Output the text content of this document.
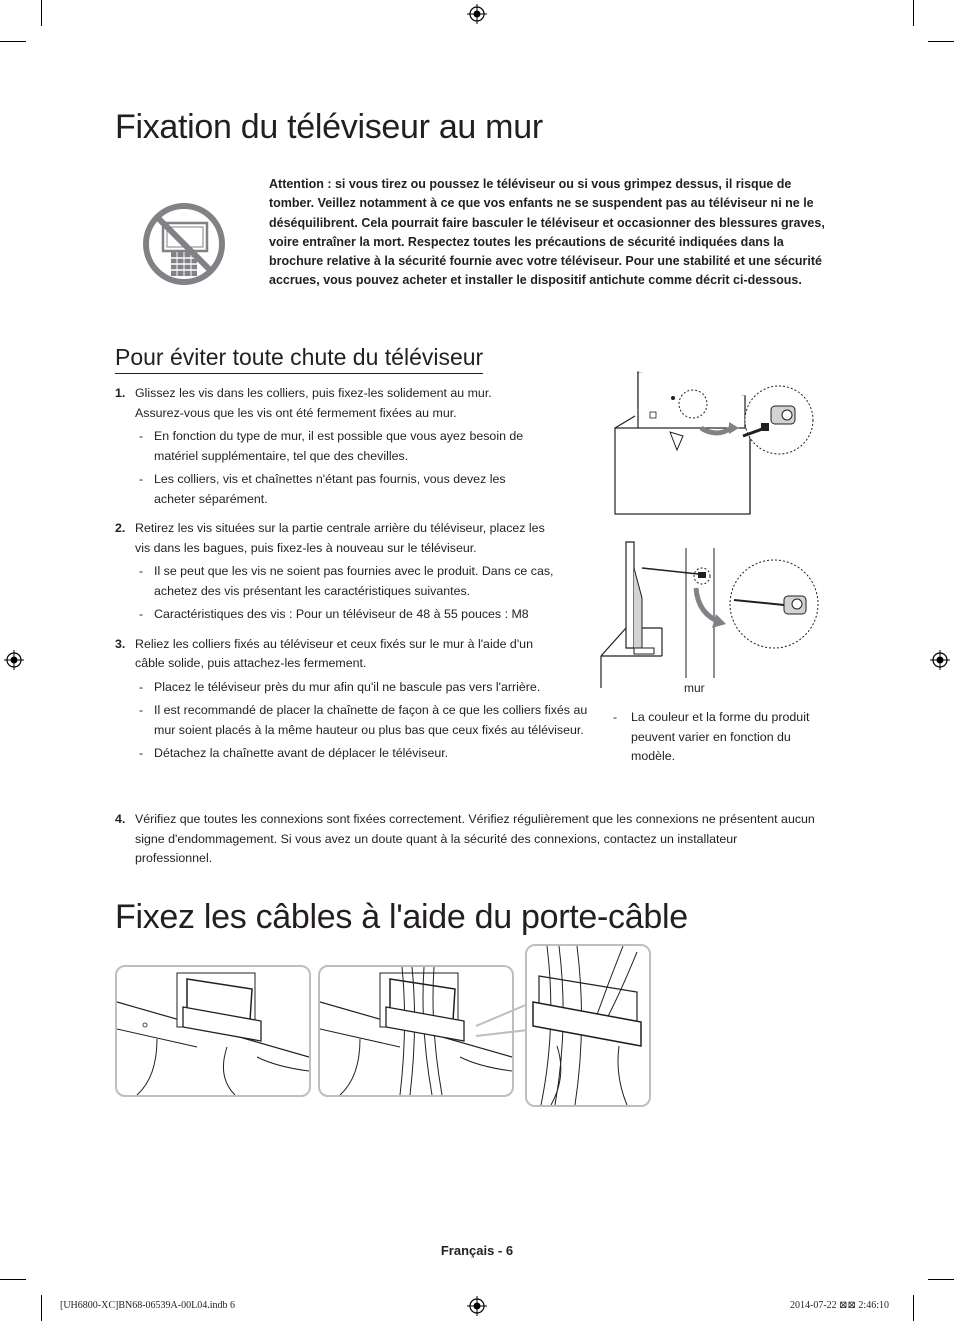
Fixation du téléviseur au mur
Attention : si vous tirez ou poussez le téléviseur ou si vous grimpez dessus, il risque de tomber. Veillez notamment à ce que vos enfants ne se suspendent pas au téléviseur ni ne le déséquilibrent. Cela pourrait faire basculer le téléviseur et occasionner des blessures graves, voire entraîner la mort. Respectez toutes les précautions de sécurité indiquées dans la brochure relative à la sécurité fournie avec votre téléviseur. Pour une stabilité et une sécurité accrues, vous pouvez acheter et installer le dispositif antichute comme décrit ci-dessous.
Pour éviter toute chute du téléviseur
1. Glissez les vis dans les colliers, puis fixez-les solidement au mur. Assurez-vous que les vis ont été fermement fixées au mur.
- En fonction du type de mur, il est possible que vous ayez besoin de matériel supplémentaire, tel que des chevilles.
- Les colliers, vis et chaînettes n'étant pas fournis, vous devez les acheter séparément.
2. Retirez les vis situées sur la partie centrale arrière du téléviseur, placez les vis dans les bagues, puis fixez-les à nouveau sur le téléviseur.
- Il se peut que les vis ne soient pas fournies avec le produit. Dans ce cas, achetez des vis présentant les caractéristiques suivantes.
- Caractéristiques des vis : Pour un téléviseur de 48 à 55 pouces : M8
3. Reliez les colliers fixés au téléviseur et ceux fixés sur le mur à l'aide d'un câble solide, puis attachez-les fermement.
- Placez le téléviseur près du mur afin qu'il ne bascule pas vers l'arrière.
- Il est recommandé de placer la chaînette de façon à ce que les colliers fixés au mur soient placés à la même hauteur ou plus bas que ceux fixés au téléviseur.
- Détachez la chaînette avant de déplacer le téléviseur.
4. Vérifiez que toutes les connexions sont fixées correctement. Vérifiez régulièrement que les connexions ne présentent aucun signe d'endommagement. Si vous avez un doute quant à la sécurité des connexions, contactez un installateur professionnel.
mur
-	La couleur et la forme du produit peuvent varier en fonction du modèle.
Fixez les câbles à l'aide du porte-câble
Français - 6
[UH6800-XC]BN68-06539A-00L04.indb 6	2014-07-22 ⊠⊠ 2:46:10
